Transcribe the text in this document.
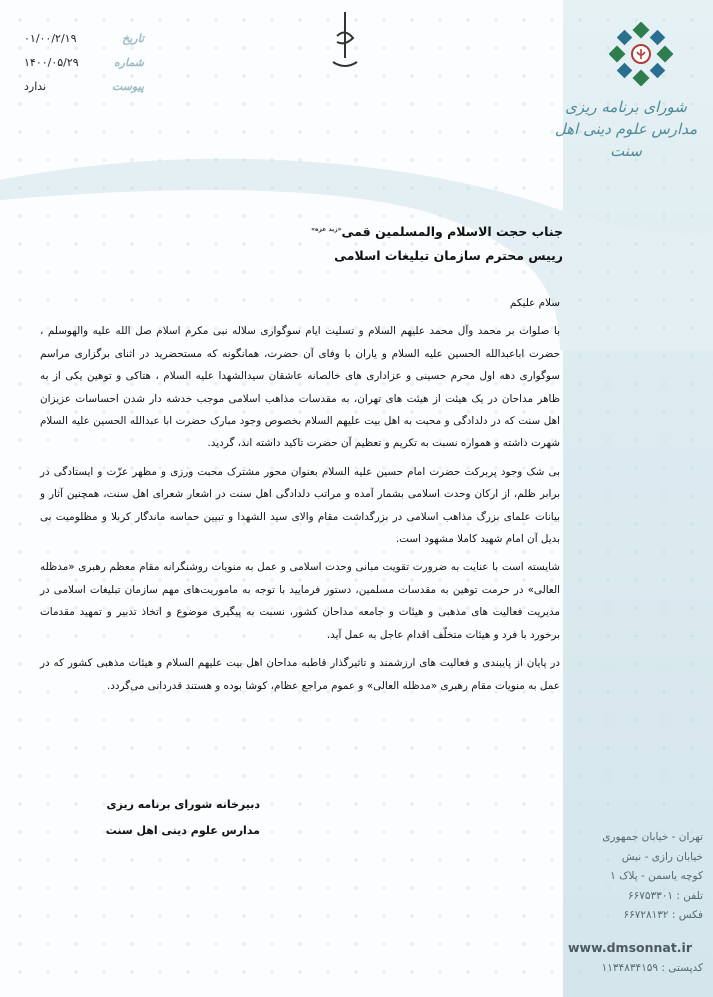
تاریخ
۰۱/۰۰/۲/۱۹
شماره
۱۴۰۰/۰۵/۲۹
پیوست
ندارد
شورای برنامه ریزی
مدارس علوم دینی اهل سنت
جناب حجت الاسلام والمسلمین قمی$^{«زید عزه»}$
رییس محترم سازمان تبلیغات اسلامی

سلام علیکم

با صلوات بر محمد وآل محمد علیهم السلام و تسلیت ایام سوگواری سلاله نبی مکرم اسلام صل الله علیه والهوسلم ، حضرت اباعبدالله الحسین علیه السلام و یاران با وفای آن حضرت، همانگونه که مستحضرید در اثنای برگزاری مراسم سوگواری دهه اول محرم حسینی و عزاداری های خالصانه عاشقان سیدالشهدا علیه السلام ، هتاکی و توهین یکی از به ظاهر مداحان در یک هیئت از هیئت های تهران، به مقدسات مذاهب اسلامی موجب خدشه دار شدن احساسات عزیزان اهل سنت که در دلدادگی و محبت به اهل بیت علیهم السلام بخصوص وجود مبارک حضرت ابا عبدالله الحسین علیه السلام شهرت داشته و همواره نسبت به تکریم و تعظیم آن حضرت تاکید داشته اند، گردید.

بی شک وجود پربرکت حضرت امام حسین علیه السلام بعنوان محور مشترک محبت ورزی و مظهر عزّت و ایستادگی در برابر ظلم، از ارکان وحدت اسلامی بشمار آمده و مراتب دلدادگی اهل سنت در اشعار شعرای اهل سنت، همچنین آثار و بیانات علمای بزرگ مذاهب اسلامی در بزرگداشت مقام والای سید الشهدا و تبیین حماسه ماندگار کربلا و مظلومیت بی بدیل آن امام شهید کاملا مشهود است.

شایسته است با عنایت به ضرورت تقویت مبانی وحدت اسلامی و عمل به منویات روشنگرانه مقام معظم رهبری «مدظله العالی» در حرمت توهین به مقدسات مسلمین، دستور فرمایید با توجه به ماموریت‌های مهم سازمان تبلیغات اسلامی در مدیریت فعالیت های مذهبی و هیئات و جامعه مداحان کشور، نسبت به پیگیری موضوع و اتخاذ تدبیر و تمهید مقدمات برخورد با فرد و هیئات متخلّف اقدام عاجل به عمل آید.

در پایان از پایبندی و فعالیت های ارزشمند و تاثیرگذار قاطبه مداحان اهل بیت علیهم السلام و هیئات مذهبی کشور که در عمل به منویات مقام رهبری «مدظله العالی» و عموم مراجع عظام، کوشا بوده و هستند قدردانی می‌گردد.

دبیرخانه شورای برنامه ریزی
مدارس علوم دینی اهل سنت	تهران - خیابان جمهوری
خیابان رازی - نبش
کوچه یاسمن - پلاک ۱
تلفن : ۶۶۷۵۳۳۰۱
فکس : ۶۶۷۲۸۱۳۲
www.dmsonnat.ir
کدپستی : ۱۱۳۴۸۳۴۱۵۹
